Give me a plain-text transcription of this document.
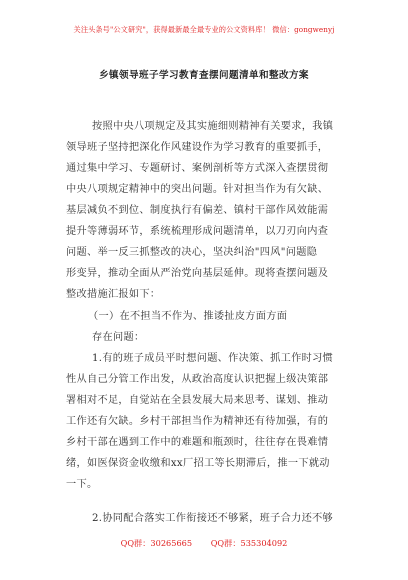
关注头条号"公文研究"，获得最新最全最专业的公文资料库！ 微信：gongwenyj
乡镇领导班子学习教育查摆问题清单和整改方案
按照中央八项规定及其实施细则精神有关要求，我镇
领导班子坚持把深化作风建设作为学习教育的重要抓手，
通过集中学习、专题研讨、案例剖析等方式深入查摆贯彻
中央八项规定精神中的突出问题。针对担当作为有欠缺、
基层减负不到位、制度执行有偏差、镇村干部作风效能需
提升等薄弱环节，系统梳理形成问题清单，以刀刃向内查
问题、举一反三抓整改的决心，坚决纠治"四风"问题隐
形变异，推动全面从严治党向基层延伸。现将查摆问题及
整改措施汇报如下：
（一）在不担当不作为、推诿扯皮方面方面
存在问题：
1.有的班子成员平时想问题、作决策、抓工作时习惯
性从自己分管工作出发，从政治高度认识把握上级决策部
署相对不足，自觉站在全县发展大局来思考、谋划、推动
工作还有欠缺。乡村干部担当作为精神还有待加强，有的
乡村干部在遇到工作中的难题和瓶颈时，往往存在畏难情
绪，如医保资金收缴和xx厂招工等长期滞后，推一下就动
一下。
2.协同配合落实工作衔接还不够紧，班子合力还不够
QQ群：30265665 QQ群：535304092
